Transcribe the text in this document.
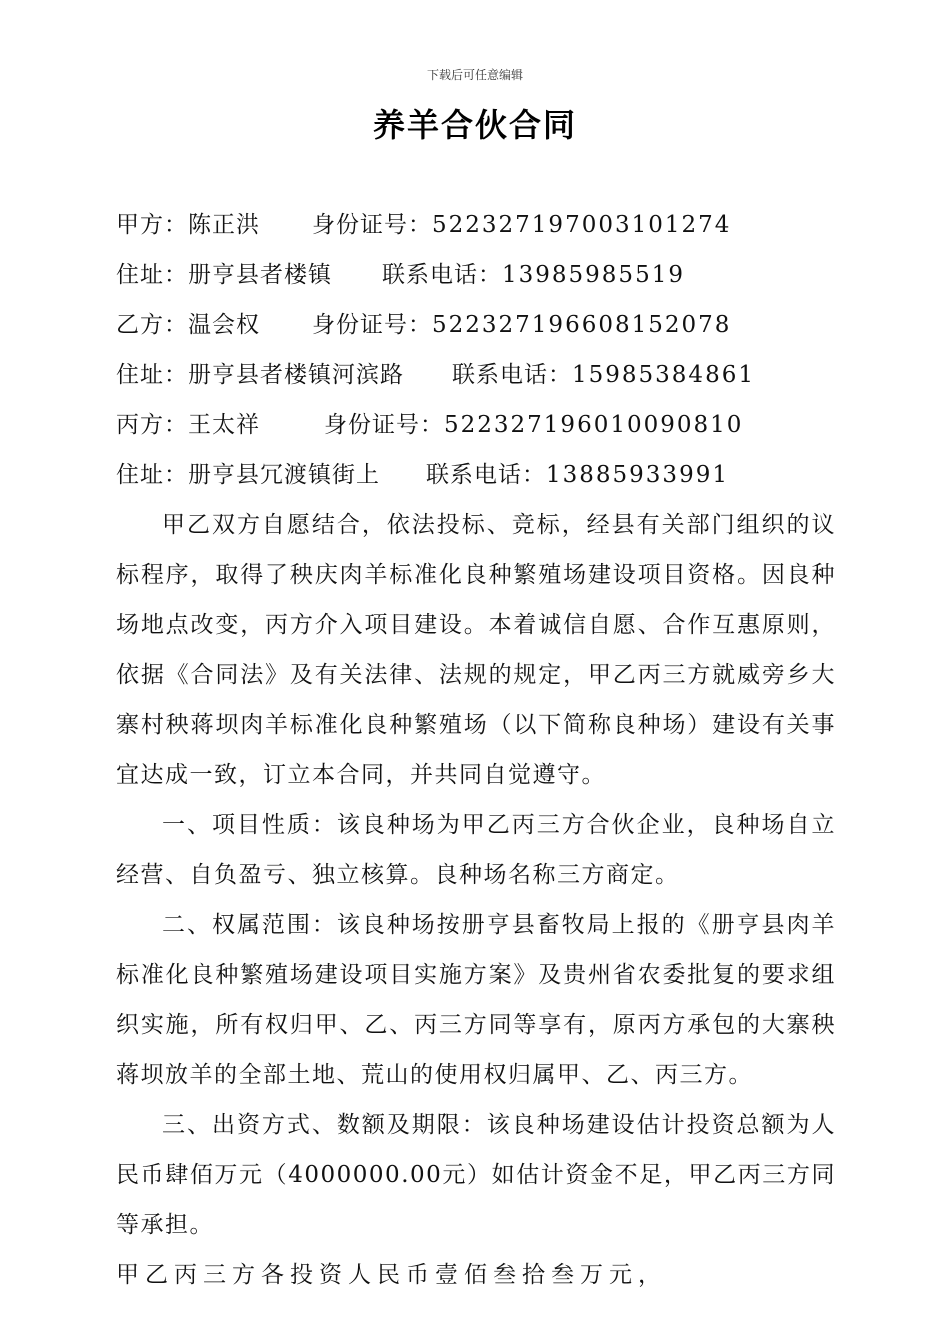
下载后可任意编辑
养羊合伙合同
甲方：陈正洪 身份证号：522327197003101274
住址：册亨县者楼镇 联系电话：13985985519
乙方：温会权 身份证号：522327196608152078
住址：册亨县者楼镇河滨路 联系电话：15985384861
丙方：王太祥	身份证号：522327196010090810
住址：册亨县冗渡镇街上 联系电话：13885933991

甲乙双方自愿结合，依法投标、竞标，经县有关部门组织的议标程序，取得了秧庆肉羊标准化良种繁殖场建设项目资格。因良种场地点改变，丙方介入项目建设。本着诚信自愿、合作互惠原则，依据《合同法》及有关法律、法规的规定，甲乙丙三方就威旁乡大寨村秧蒋坝肉羊标准化良种繁殖场（以下简称良种场）建设有关事宜达成一致，订立本合同，并共同自觉遵守。

一、项目性质：该良种场为甲乙丙三方合伙企业，良种场自立经营、自负盈亏、独立核算。良种场名称三方商定。

二、权属范围：该良种场按册亨县畜牧局上报的《册亨县肉羊标准化良种繁殖场建设项目实施方案》及贵州省农委批复的要求组织实施，所有权归甲、乙、丙三方同等享有，原丙方承包的大寨秧蒋坝放羊的全部土地、荒山的使用权归属甲、乙、丙三方。

三、出资方式、数额及期限：该良种场建设估计投资总额为人民币肆佰万元（4000000.00元）如估计资金不足，甲乙丙三方同等承担。

甲乙丙三方各投资人民币壹佰叁拾叁万元，
